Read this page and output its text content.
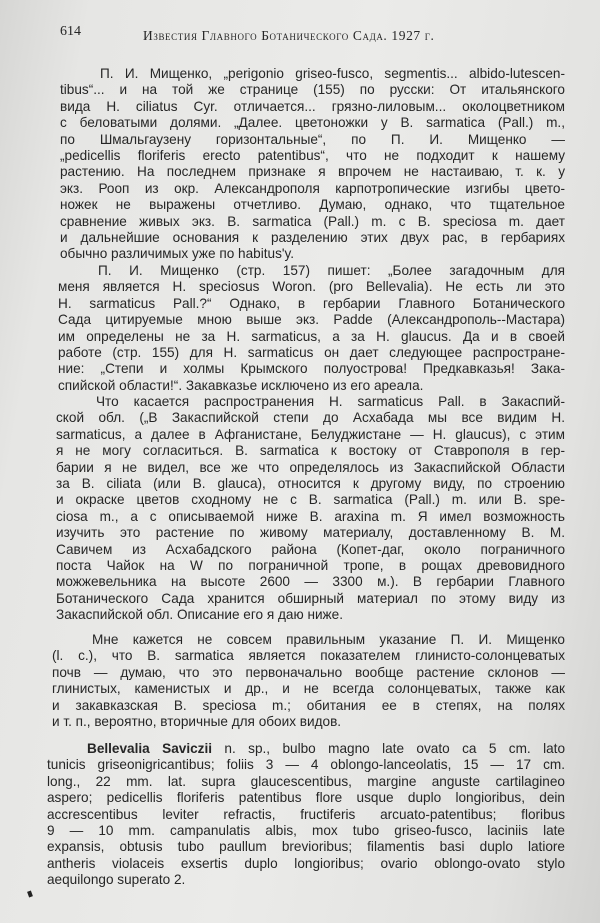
614	Известия Главного Ботанического Сада. 1927 г.
П. И. Мищенко, „perigonio griseo-fusco, segmentis... albido-lutescen-
tibus“... и на той же странице (155) по русски: От итальянского
вида H. ciliatus Cyr. отличается... грязно-лиловым... околоцветником
с беловатыми долями. „Далее. цветоножки у B. sarmatica (Pall.) m.,
по Шмальгаузену горизонтальные“, по П. И. Мищенко —
„pedicellis floriferis erecto patentibus“, что не подходит к нашему
растению. На последнем признаке я впрочем не настаиваю, т. к. у
экз. Рооп из окр. Александрополя карпотропические изгибы цвето-
ножек не выражены отчетливо. Думаю, однако, что тщательное
сравнение живых экз. B. sarmatica (Pall.) m. с B. speciosa m. дает
и дальнейшие основания к разделению этих двух рас, в гербариях
обычно различимых уже по habitus'y.
П. И. Мищенко (стр. 157) пишет: „Более загадочным для
меня является H. speciosus Woron. (pro Bellevalia). Не есть ли это
H. sarmaticus Pall.?“ Однако, в гербарии Главного Ботанического
Сада цитируемые мною выше экз. Padde (Александрополь--Мастара)
им определены не за H. sarmaticus, а за H. glaucus. Да и в своей
работе (стр. 155) для H. sarmaticus он дает следующее распростране-
ние: „Степи и холмы Крымского полуострова! Предкавказья! Зака-
спийской области!“. Закавказье исключено из его ареала.
Что касается распространения H. sarmaticus Pall. в Закаспий-
ской обл. („В Закаспийской степи до Асхабада мы все видим H.
sarmaticus, а далее в Афганистане, Белуджистане — H. glaucus), с этим
я не могу согласиться. B. sarmatica к востоку от Ставрополя в гер-
барии я не видел, все же что определялось из Закаспийской Области
за B. ciliata (или B. glauca), относится к другому виду, по строению
и окраске цветов сходному не с B. sarmatica (Pall.) m. или B. spe-
ciosa m., а с описываемой ниже B. araxina m. Я имел возможность
изучить это растение по живому материалу, доставленному В. М.
Савичем из Асхабадского района (Копет-даг, около пограничного
поста Чайок на W по пограничной тропе, в рощах древовидного
можжевельника на высоте 2600 — 3300 м.). В гербарии Главного
Ботанического Сада хранится обширный материал по этому виду из
Закаспийской обл. Описание его я даю ниже.
Мне кажется не совсем правильным указание П. И. Мищенко
(l. c.), что B. sarmatica является показателем глинисто-солонцеватых
почв — думаю, что это первоначально вообще растение склонов —
глинистых, каменистых и др., и не всегда солонцеватых, также как
и закавказская B. speciosa m.; обитания ее в степях, на полях
и т. п., вероятно, вторичные для обоих видов.
Bellevalia Saviczii n. sp., bulbo magno late ovato ca 5 cm. lato
tunicis griseonigricantibus; foliis 3 — 4 oblongo-lanceolatis, 15 — 17 cm.
long., 22 mm. lat. supra glaucescentibus, margine anguste cartilagineo
aspero; pedicellis floriferis patentibus flore usque duplo longioribus, dein
accrescentibus leviter refractis, fructiferis arcuato-patentibus; floribus
9 — 10 mm. campanulatis albis, mox tubo griseo-fusco, laciniis late
expansis, obtusis tubo paullum brevioribus; filamentis basi duplo latiore
antheris violaceis exsertis duplo longioribus; ovario oblongo-ovato stylo
aequilongo superato 2.
